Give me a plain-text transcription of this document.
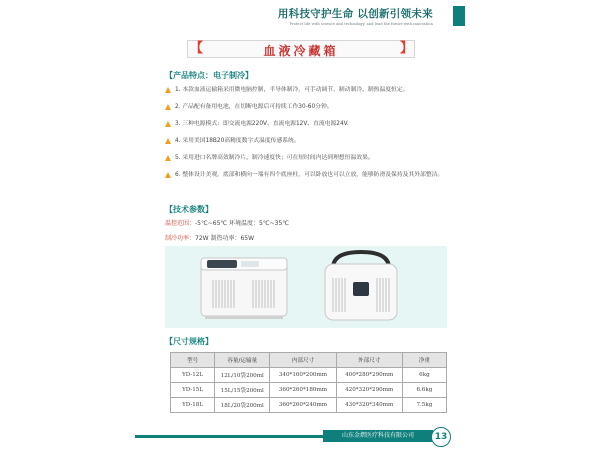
用科技守护生命 以创新引领未来
Protect life with science and technology, and lead the future with innovation
【	血液冷藏箱	】
【产品特点：电子制冷】
1. 本款血液运输箱采用微电脑控制，半导体制冷，可手动调节、制动制冷、制热温度恒定。
2. 产品配有备用电池，在切断电源后可持续工作30-60分钟。
3. 三种电源模式：即交流电源220V、直流电源12V、直流电源24V.
4. 采用美国18B20高精度数字式温度传感系统。
5. 采用进口名牌高效制冷片，制冷速度快；可在短时间内达到理想恒温效果。
6. 整体设计美观，底部和横向一端有四个底座柱，可以卧放也可以立放，能够防滑及保持及其外部整洁。
【技术参数】
温控范围：-5℃~65℃ 环境温度：5℃~35℃
制冷功率：72W 制热功率：65W
【尺寸规格】
型号	容量/运输量	内部尺寸	外部尺寸	净重
YD-12L	12L/10袋200ml	340*160*200mm	400*280*290mm	6kg
YD-15L	15L/15袋200ml	360*260*180mm	420*320*290mm	6.6kg
YD-18L	18L/20袋200ml	360*260*240mm	430*320*340mm	7.5kg
山东金熠医疗科技有限公司	13
